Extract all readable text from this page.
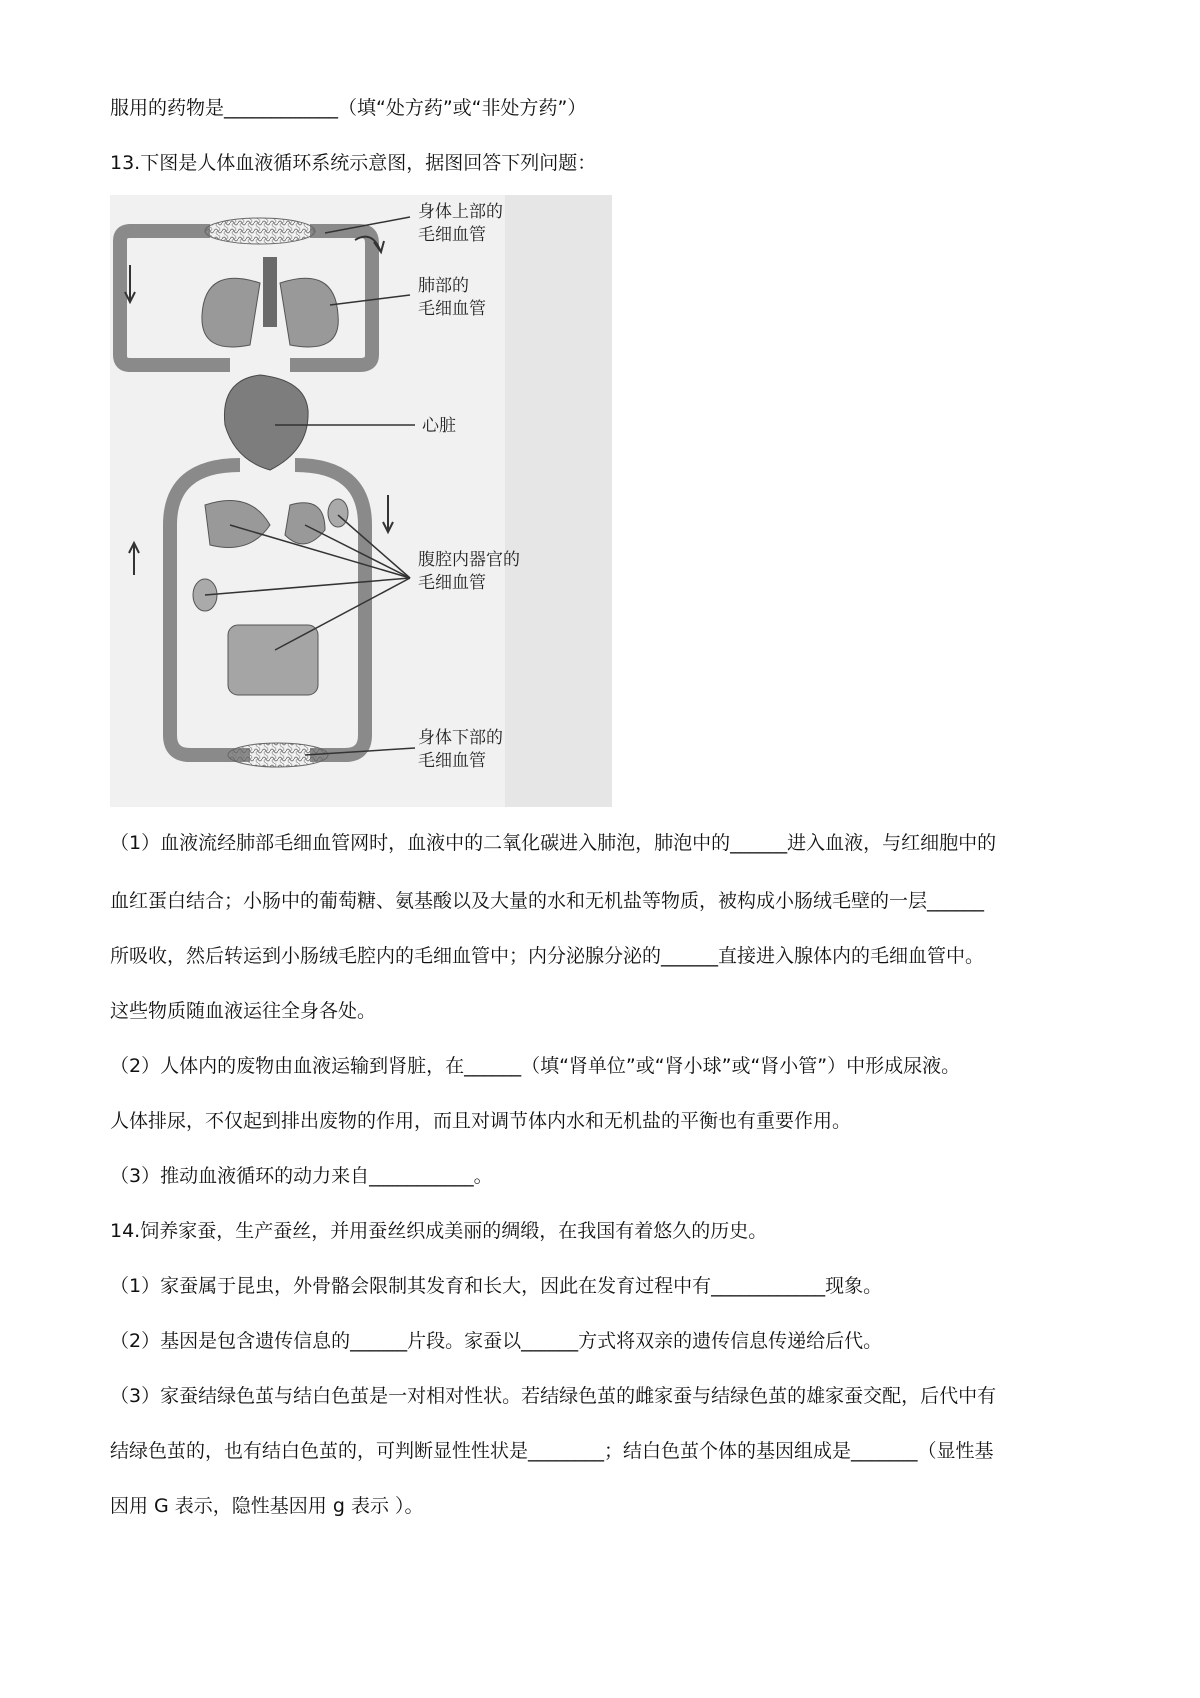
服用的药物是____________（填“处方药”或“非处方药”）
13.下图是人体血液循环系统示意图，据图回答下列问题：
身体上部的
毛细血管
肺部的
毛细血管
心脏
腹腔内器官的
毛细血管
身体下部的
毛细血管
（1）血液流经肺部毛细血管网时，血液中的二氧化碳进入肺泡，肺泡中的______进入血液，与红细胞中的
血红蛋白结合；小肠中的葡萄糖、氨基酸以及大量的水和无机盐等物质，被构成小肠绒毛壁的一层______
所吸收，然后转运到小肠绒毛腔内的毛细血管中；内分泌腺分泌的______直接进入腺体内的毛细血管中。
这些物质随血液运往全身各处。
（2）人体内的废物由血液运输到肾脏，在______（填“肾单位”或“肾小球”或“肾小管”）中形成尿液。
人体排尿，不仅起到排出废物的作用，而且对调节体内水和无机盐的平衡也有重要作用。
（3）推动血液循环的动力来自___________。
14.饲养家蚕，生产蚕丝，并用蚕丝织成美丽的绸缎，在我国有着悠久的历史。
（1）家蚕属于昆虫，外骨骼会限制其发育和长大，因此在发育过程中有____________现象。
（2）基因是包含遗传信息的______片段。家蚕以______方式将双亲的遗传信息传递给后代。
（3）家蚕结绿色茧与结白色茧是一对相对性状。若结绿色茧的雌家蚕与结绿色茧的雄家蚕交配，后代中有
结绿色茧的，也有结白色茧的，可判断显性性状是________；结白色茧个体的基因组成是_______（显性基
因用 G 表示，隐性基因用 g 表示 ）。
